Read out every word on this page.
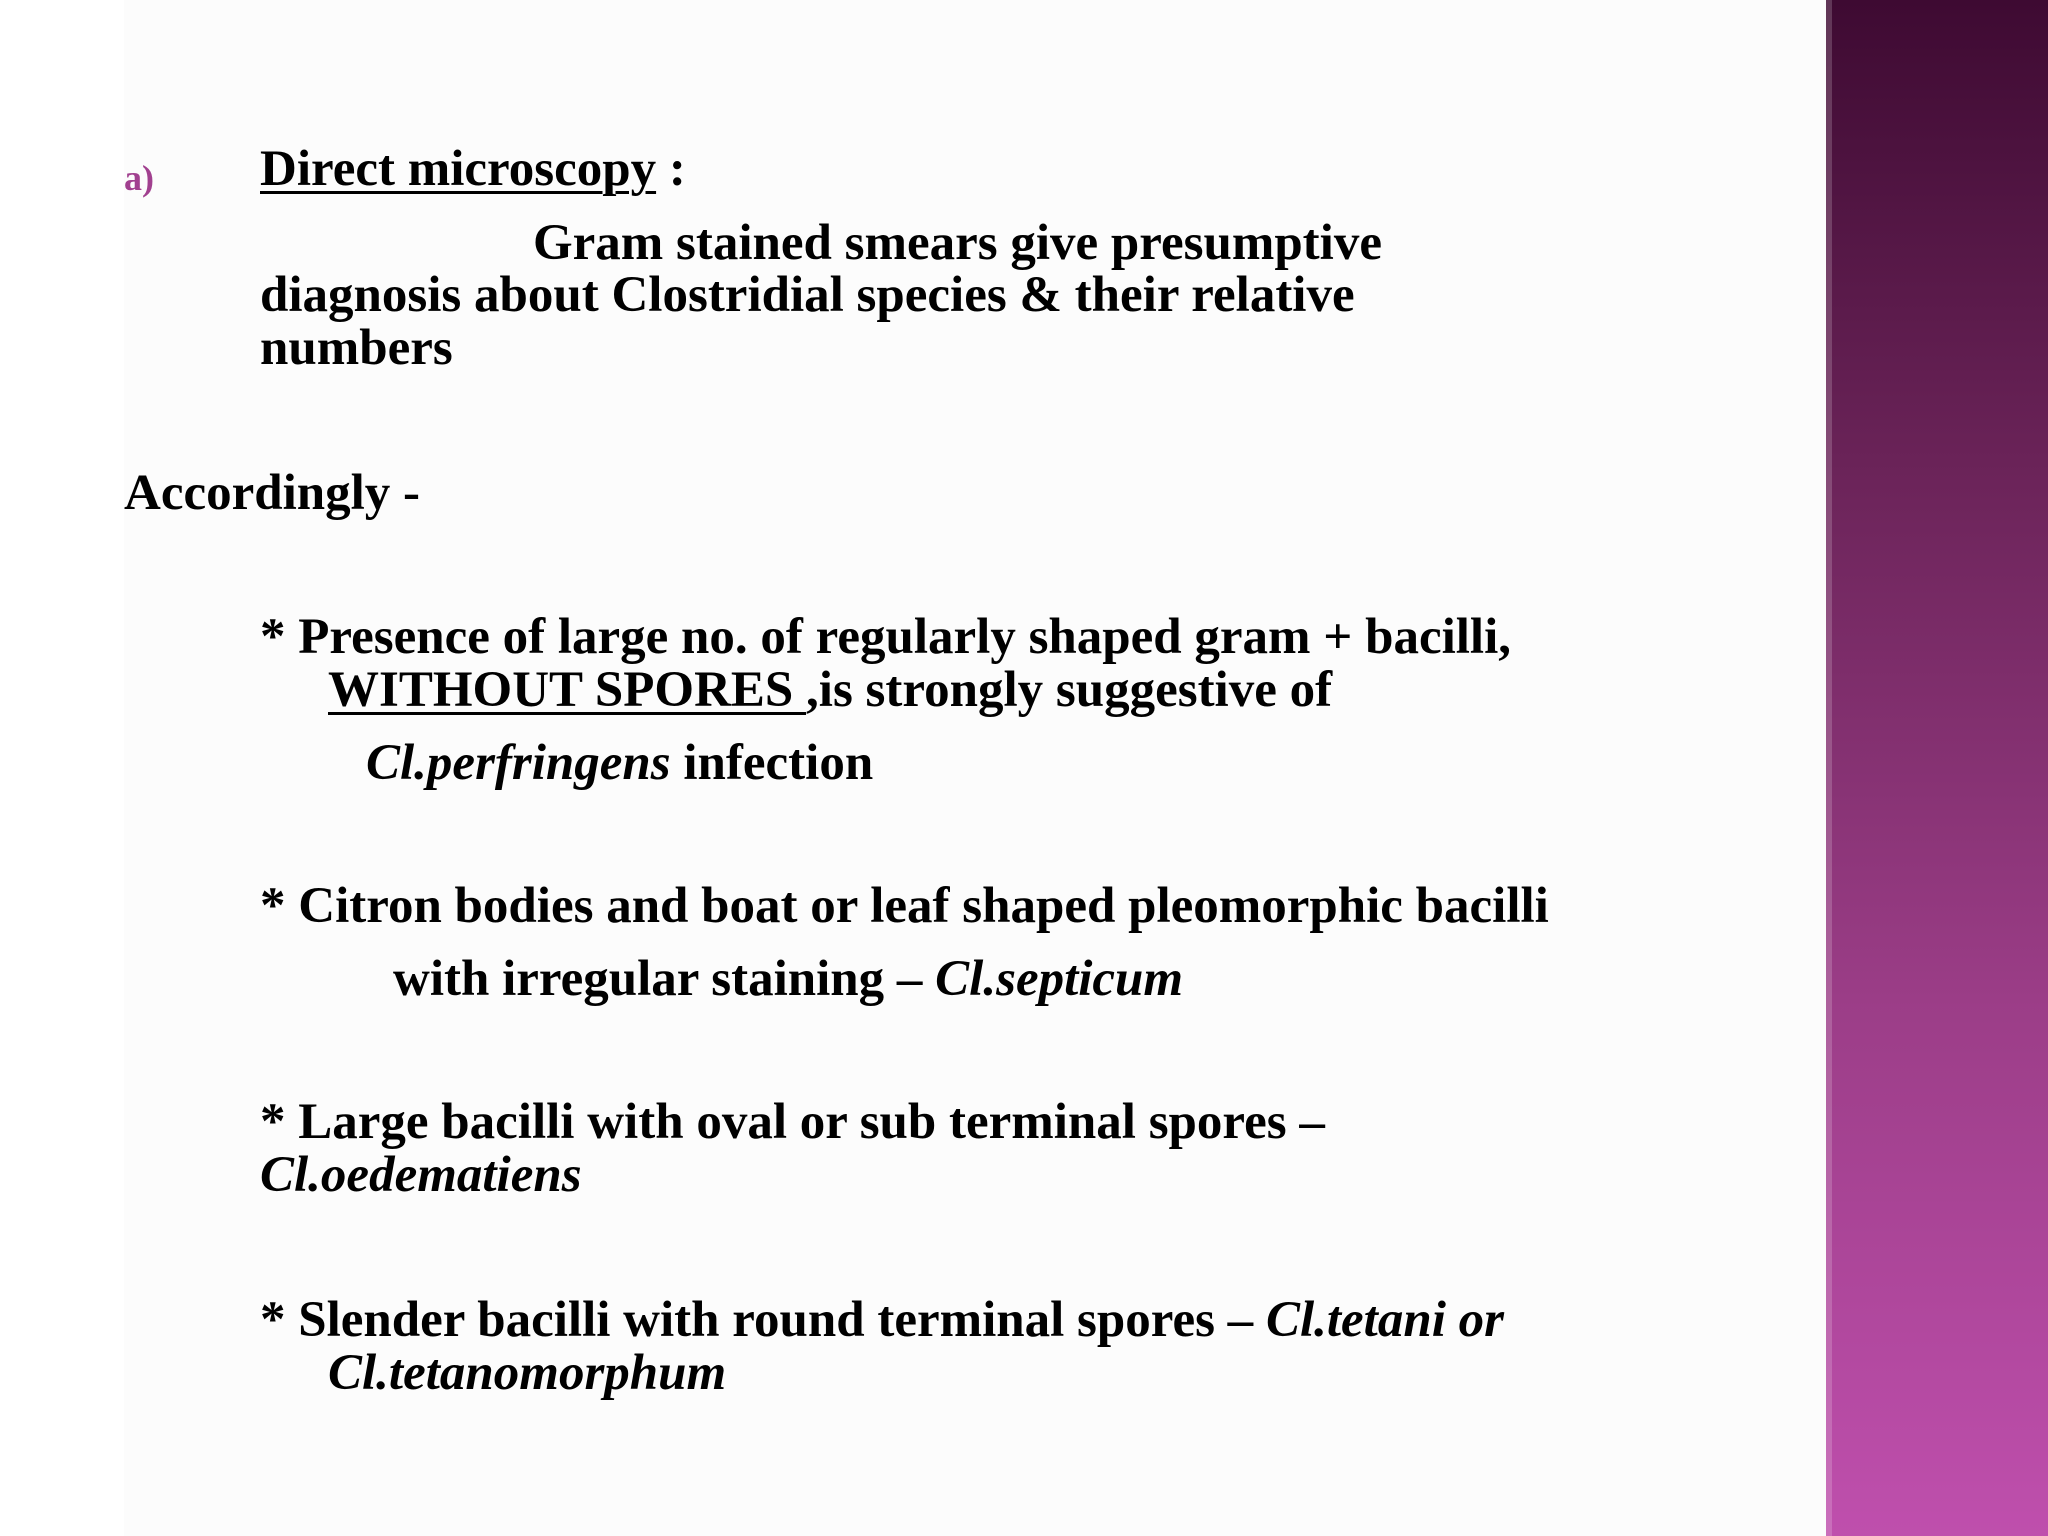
a) Direct microscopy :
Gram stained smears give presumptive
diagnosis about Clostridial species & their relative
numbers
Accordingly -
* Presence of large no. of regularly shaped gram + bacilli,
WITHOUT SPORES ,is strongly suggestive of
Cl.perfringens infection
* Citron bodies and boat or leaf shaped pleomorphic bacilli
with irregular staining – Cl.septicum
* Large bacilli with oval or sub terminal spores –
Cl.oedematiens
* Slender bacilli with round terminal spores – Cl.tetani or
Cl.tetanomorphum
